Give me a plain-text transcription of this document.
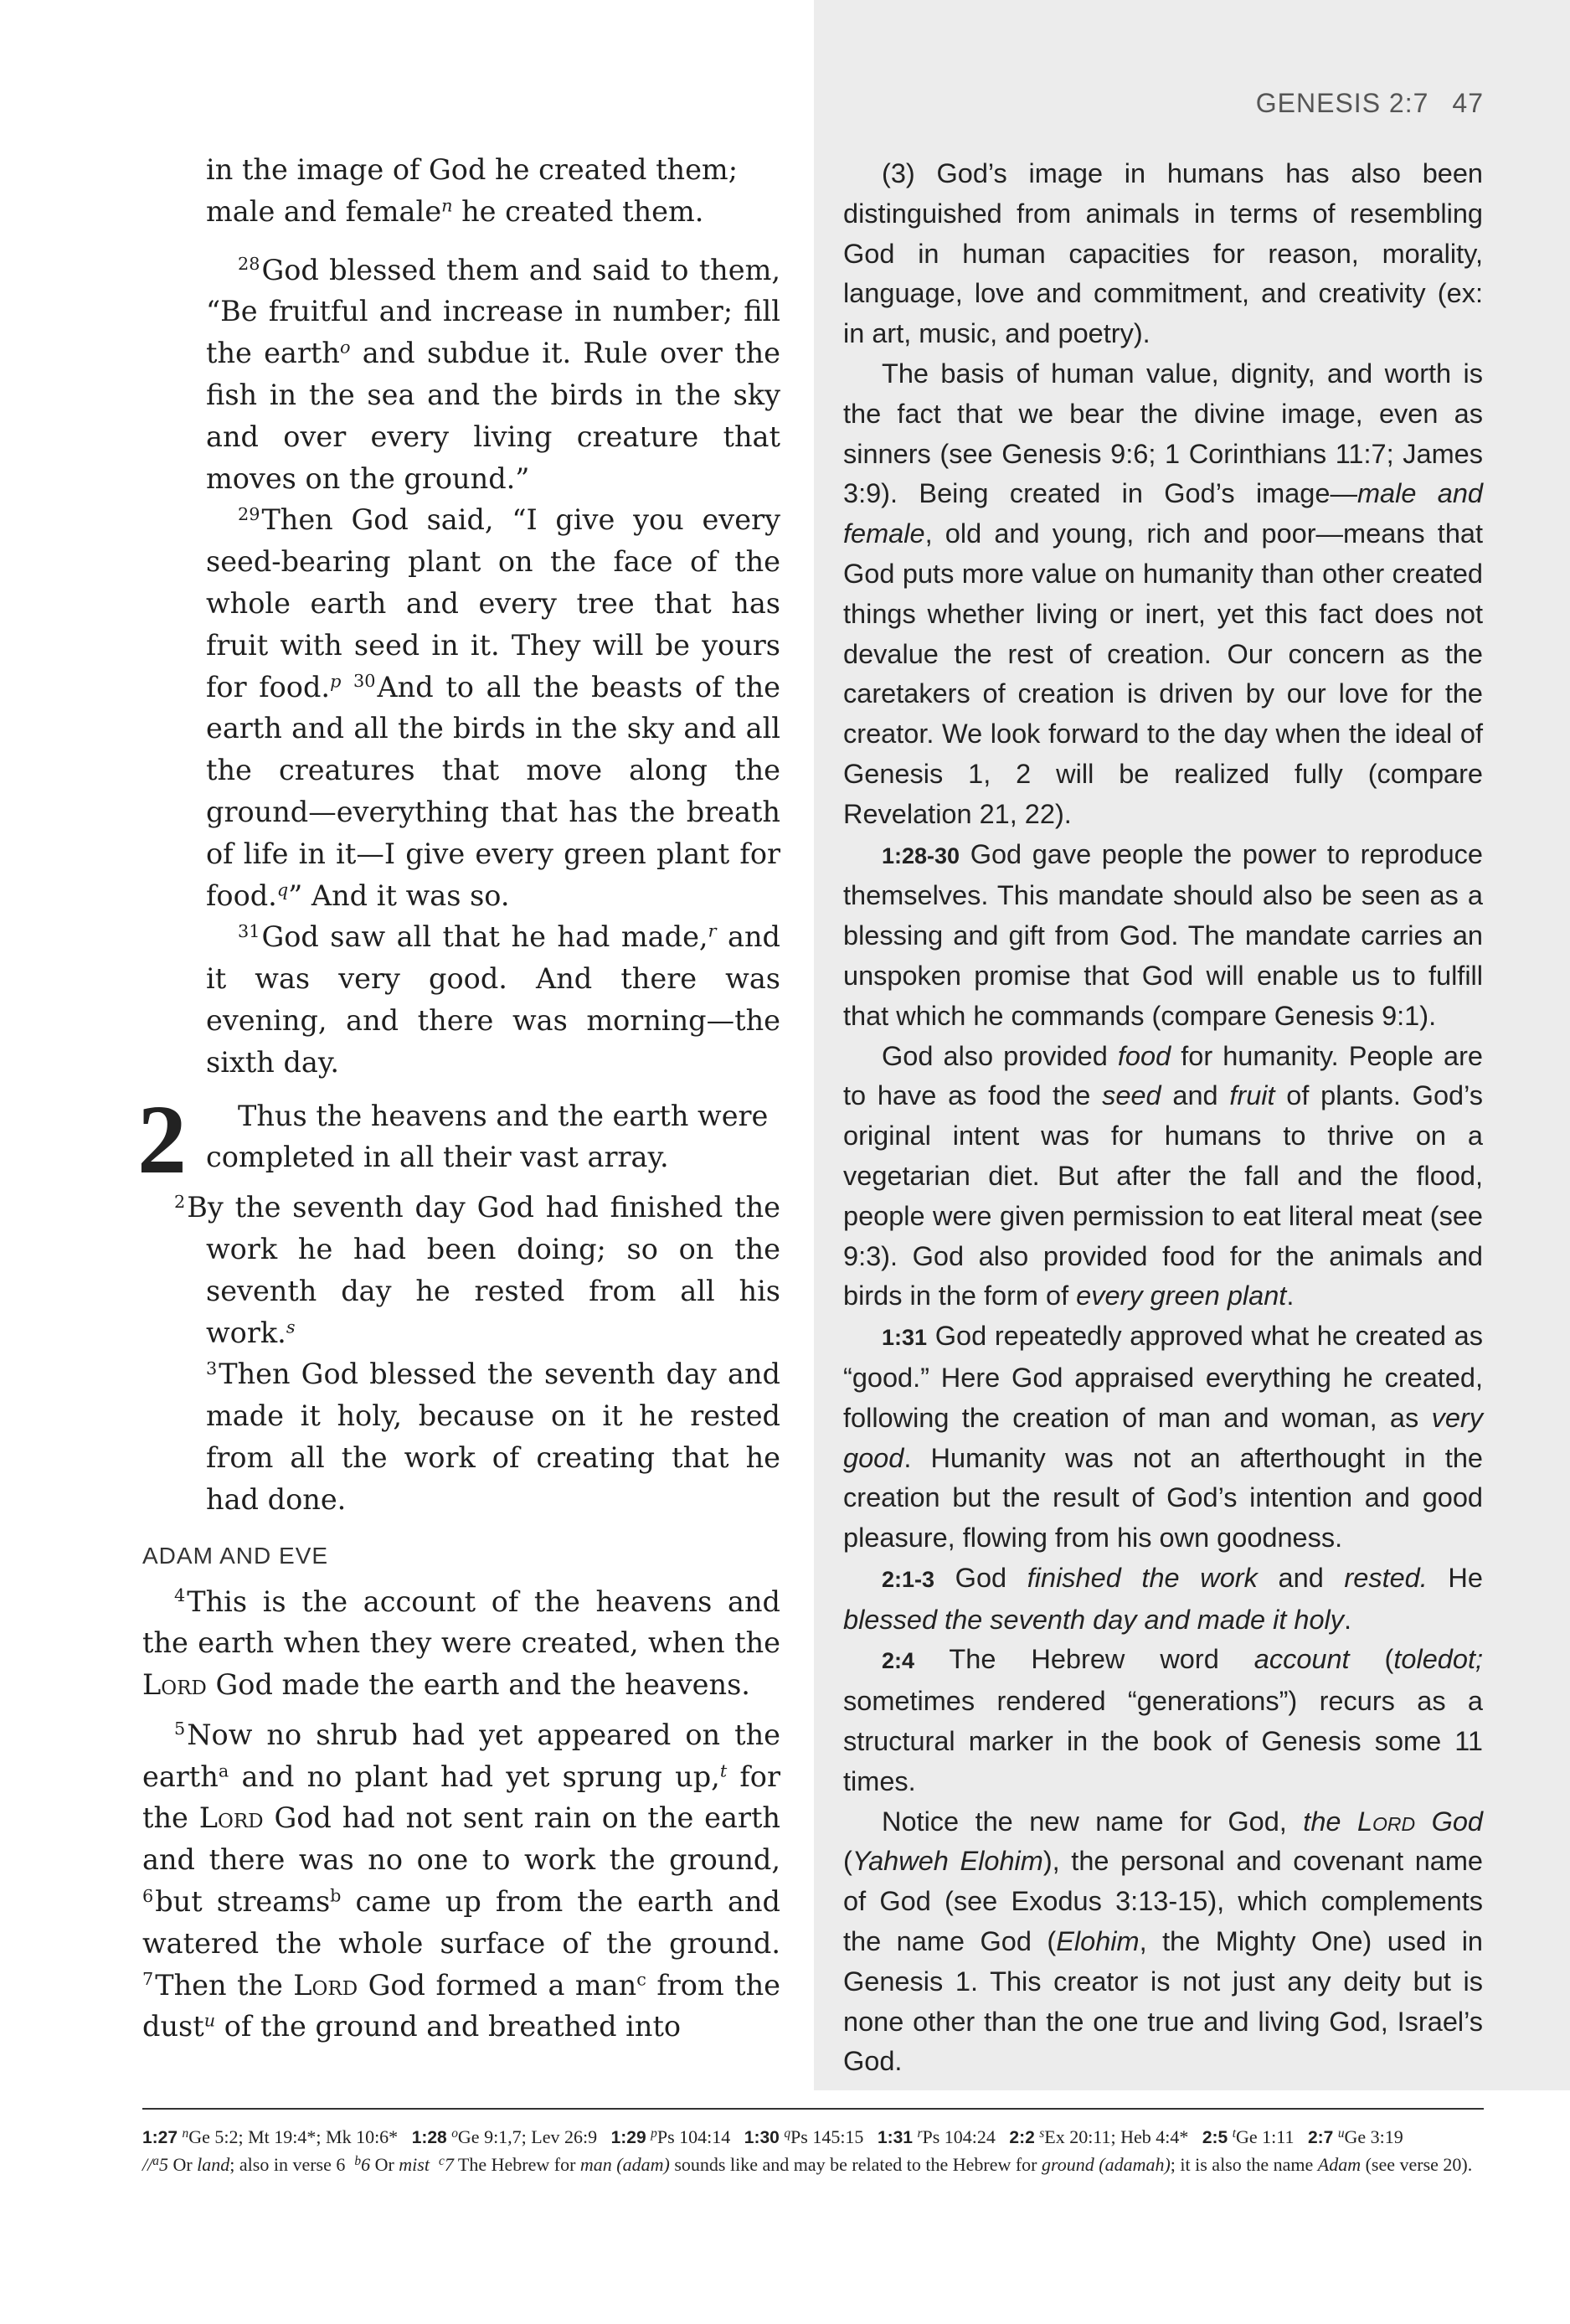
GENESIS 2:7 47
in the image of God he created them;
male and female$^n$ he created them.

$^{28}$God blessed them and said to them, “Be fruitful and increase in number; fill the earth$^o$ and subdue it. Rule over the fish in the sea and the birds in the sky and over every living creature that moves on the ground.”

$^{29}$Then God said, “I give you every seed-bearing plant on the face of the whole earth and every tree that has fruit with seed in it. They will be yours for food.$^p$ $^{30}$And to all the beasts of the earth and all the birds in the sky and all the creatures that move along the ground—everything that has the breath of life in it—I give every green plant for food.$^q$” And it was so.

$^{31}$God saw all that he had made,$^r$ and it was very good. And there was evening, and there was morning—the sixth day.

2	Thus the heavens and the earth were completed in all their vast array.

$^2$By the seventh day God had finished the work he had been doing; so on the seventh day he rested from all his work.$^s$

$^3$Then God blessed the seventh day and made it holy, because on it he rested from all the work of creating that he had done.

ADAM AND EVE

$^4$This is the account of the heavens and the earth when they were created, when the Lord God made the earth and the heavens.

$^5$Now no shrub had yet appeared on the earth$^a$ and no plant had yet sprung up,$^t$ for the Lord God had not sent rain on the earth and there was no one to work the ground, $^6$but streams$^b$ came up from the earth and watered the whole surface of the ground. $^7$Then the Lord God formed a man$^c$ from the dust$^u$ of the ground and breathed into

(3) God’s image in humans has also been distinguished from animals in terms of resembling God in human capacities for reason, morality, language, love and commitment, and creativity (ex: in art, music, and poetry).

The basis of human value, dignity, and worth is the fact that we bear the divine image, even as sinners (see Genesis 9:6; 1 Corinthians 11:7; James 3:9). Being created in God’s image—male and female, old and young, rich and poor—means that God puts more value on humanity than other created things whether living or inert, yet this fact does not devalue the rest of creation. Our concern as the caretakers of creation is driven by our love for the creator. We look forward to the day when the ideal of Genesis 1, 2 will be realized fully (compare Revelation 21, 22).

1:28-30 God gave people the power to reproduce themselves. This mandate should also be seen as a blessing and gift from God. The mandate carries an unspoken promise that God will enable us to fulfill that which he commands (compare Genesis 9:1).

God also provided food for humanity. People are to have as food the seed and fruit of plants. God’s original intent was for humans to thrive on a vegetarian diet. But after the fall and the flood, people were given permission to eat literal meat (see 9:3). God also provided food for the animals and birds in the form of every green plant.

1:31 God repeatedly approved what he created as “good.” Here God appraised everything he created, following the creation of man and woman, as very good. Humanity was not an afterthought in the creation but the result of God’s intention and good pleasure, flowing from his own goodness.

2:1-3 God finished the work and rested. He blessed the seventh day and made it holy.

2:4 The Hebrew word account (toledot; sometimes rendered “generations”) recurs as a structural marker in the book of Genesis some 11 times.

Notice the new name for God, the Lord God (Yahweh Elohim), the personal and covenant name of God (see Exodus 3:13-15), which complements the name God (Elohim, the Mighty One) used in Genesis 1. This creator is not just any deity but is none other than the one true and living God, Israel’s God.

1:27 $^n$Ge 5:2; Mt 19:4*; Mk 10:6* 1:28 $^o$Ge 9:1,7; Lev 26:9 1:29 $^p$Ps 104:14 1:30 $^q$Ps 145:15 1:31 $^r$Ps 104:24 2:2 $^s$Ex 20:11; Heb 4:4* 2:5 $^t$Ge 1:11 2:7 $^u$Ge 3:19
//$^a$5 Or land; also in verse 6 $^b$6 Or mist $^c$7 The Hebrew for man (adam) sounds like and may be related to the Hebrew for ground (adamah); it is also the name Adam (see verse 20).
